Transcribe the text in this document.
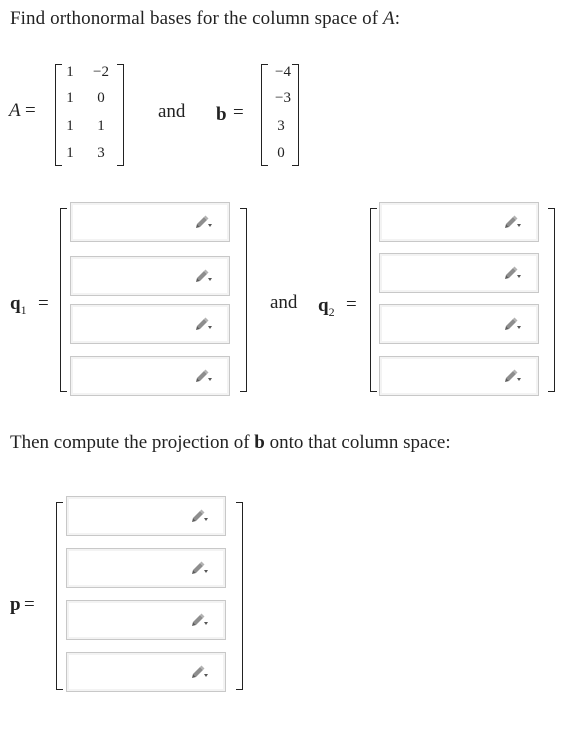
Find orthonormal bases for the column space of A:
A =
1	−2
1	0
1	1
1	3
and b =
−4
−3
3
0
$q_1$ =	and $q_2$ =
Then compute the projection of b onto that column space:
p =
